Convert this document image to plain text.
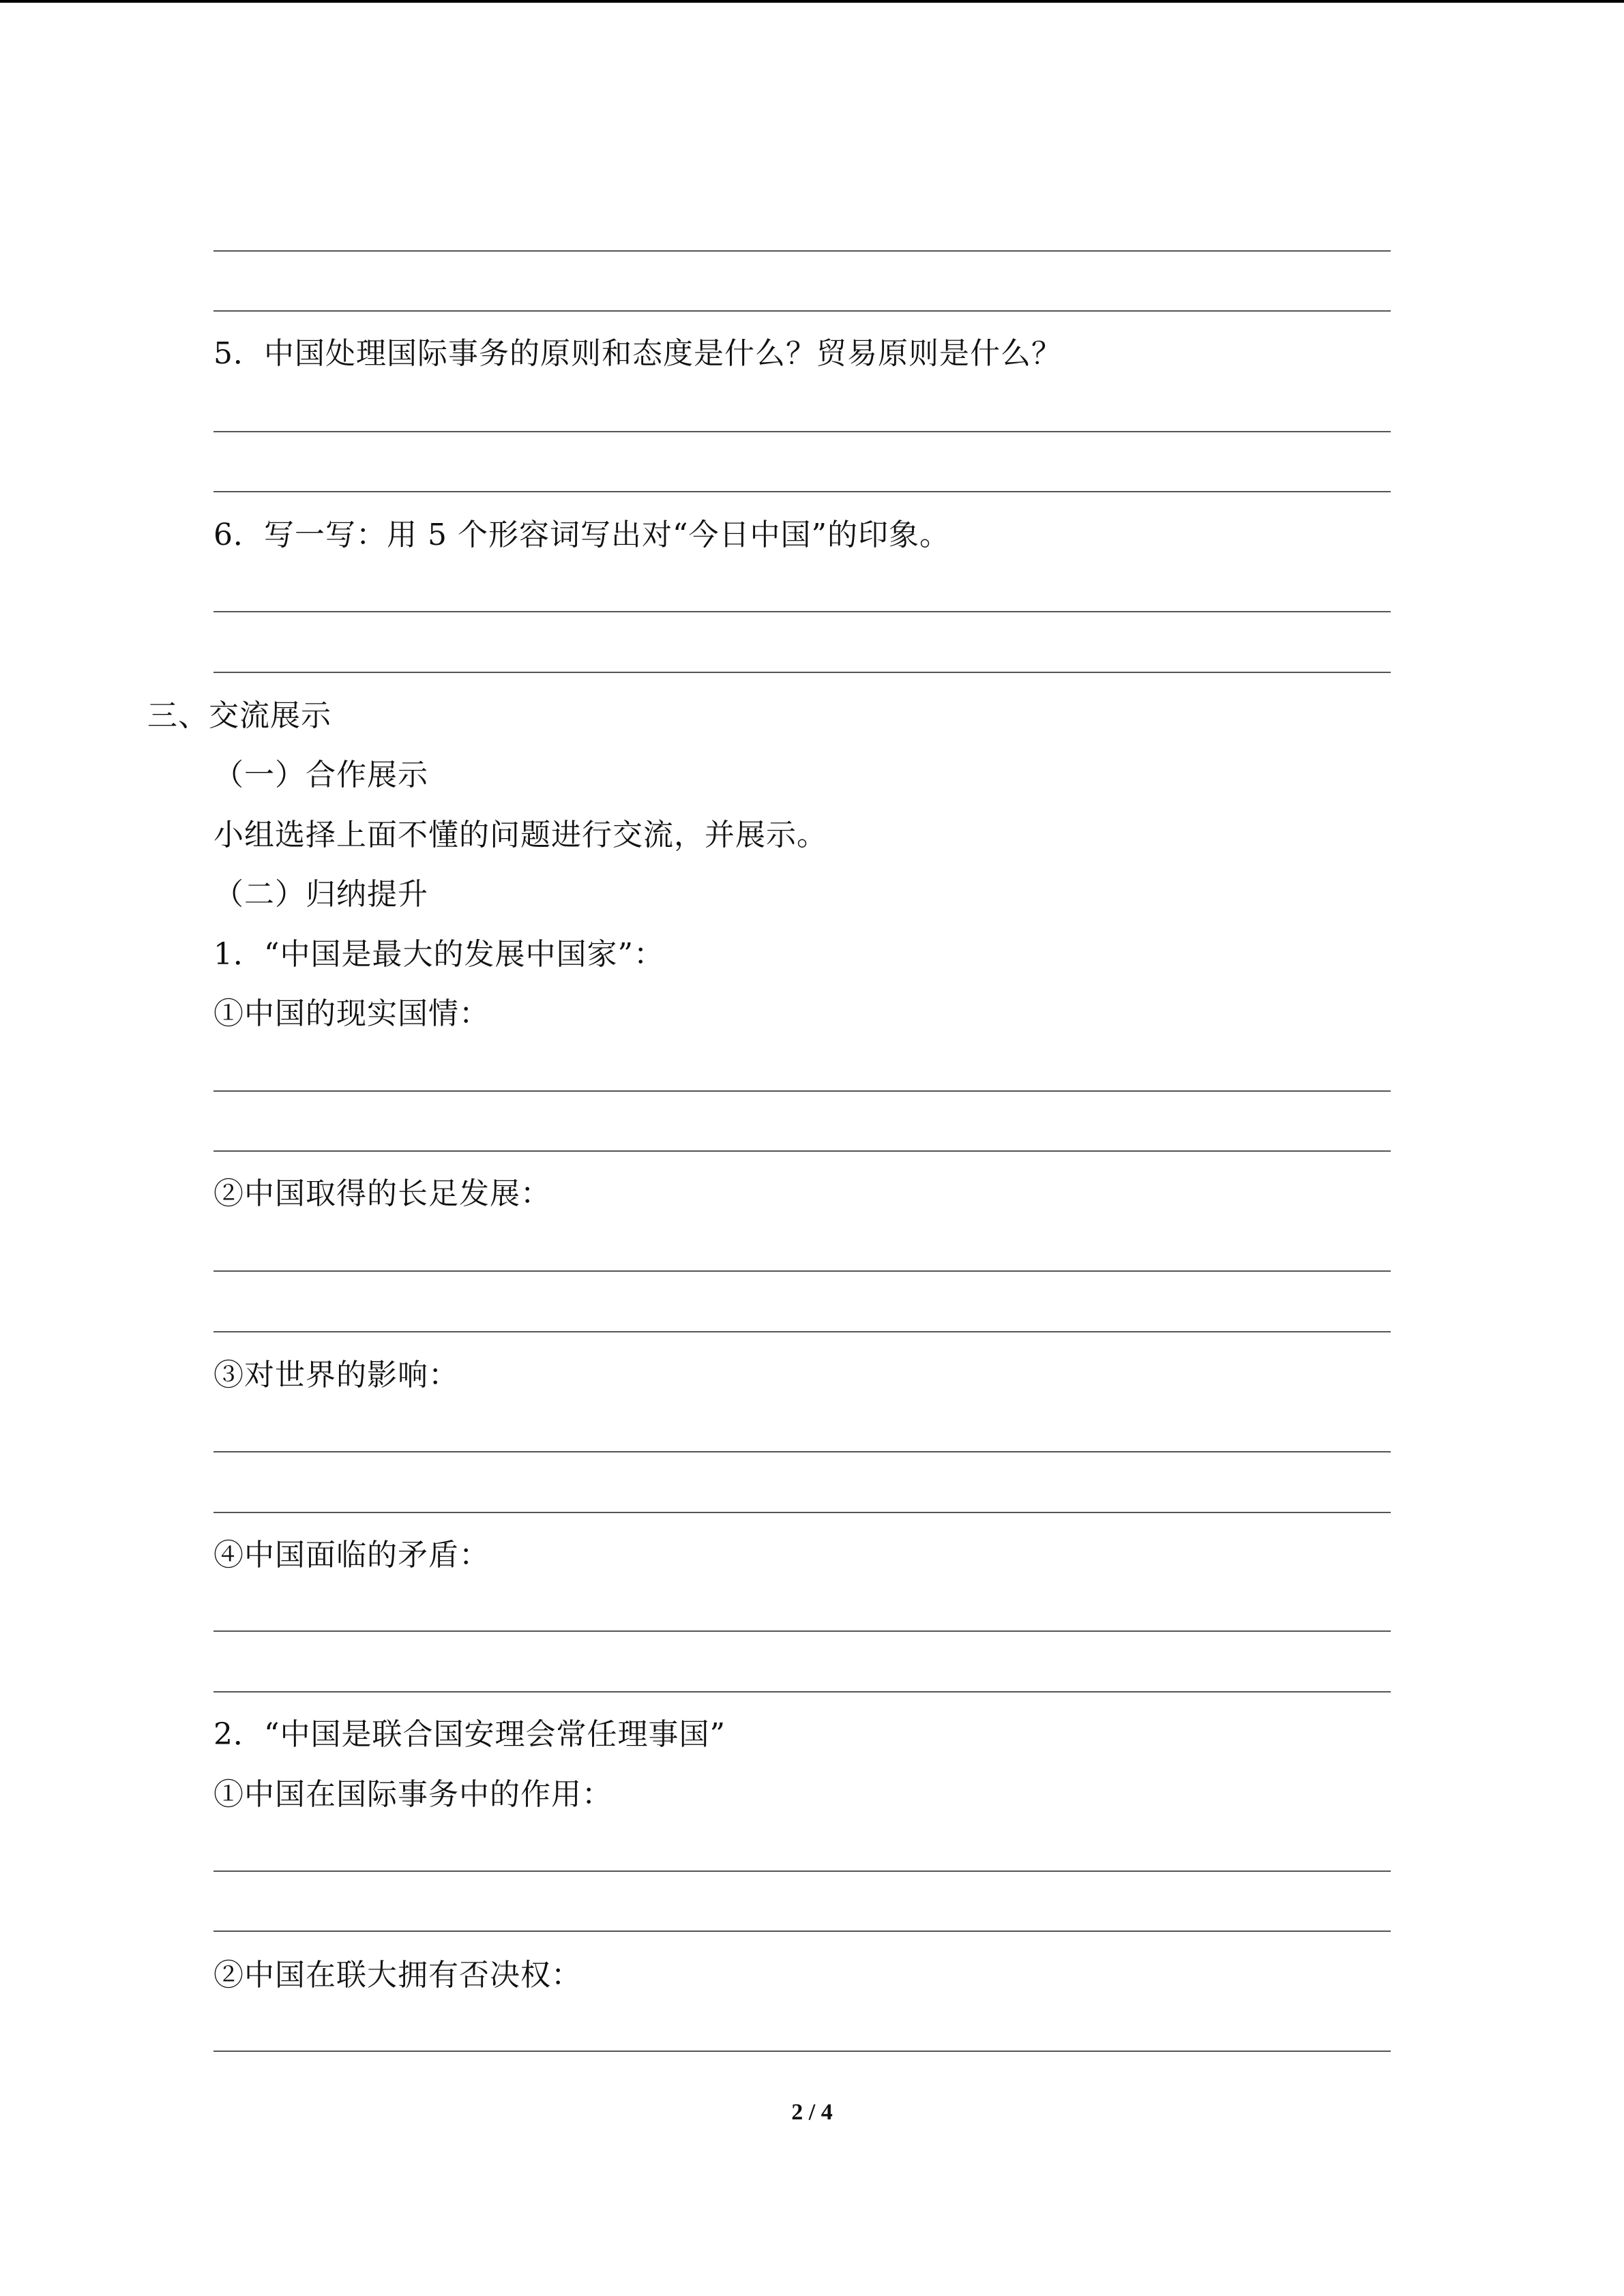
5．中国处理国际事务的原则和态度是什么？贸易原则是什么？
6．写一写：用 5 个形容词写出对“今日中国”的印象。
三、交流展示
（一）合作展示
小组选择上面不懂的问题进行交流，并展示。
（二）归纳提升
1．“中国是最大的发展中国家”：
①中国的现实国情：
②中国取得的长足发展：
③对世界的影响：
④中国面临的矛盾：
2．“中国是联合国安理会常任理事国”
①中国在国际事务中的作用：
②中国在联大拥有否决权：
2 / 4
